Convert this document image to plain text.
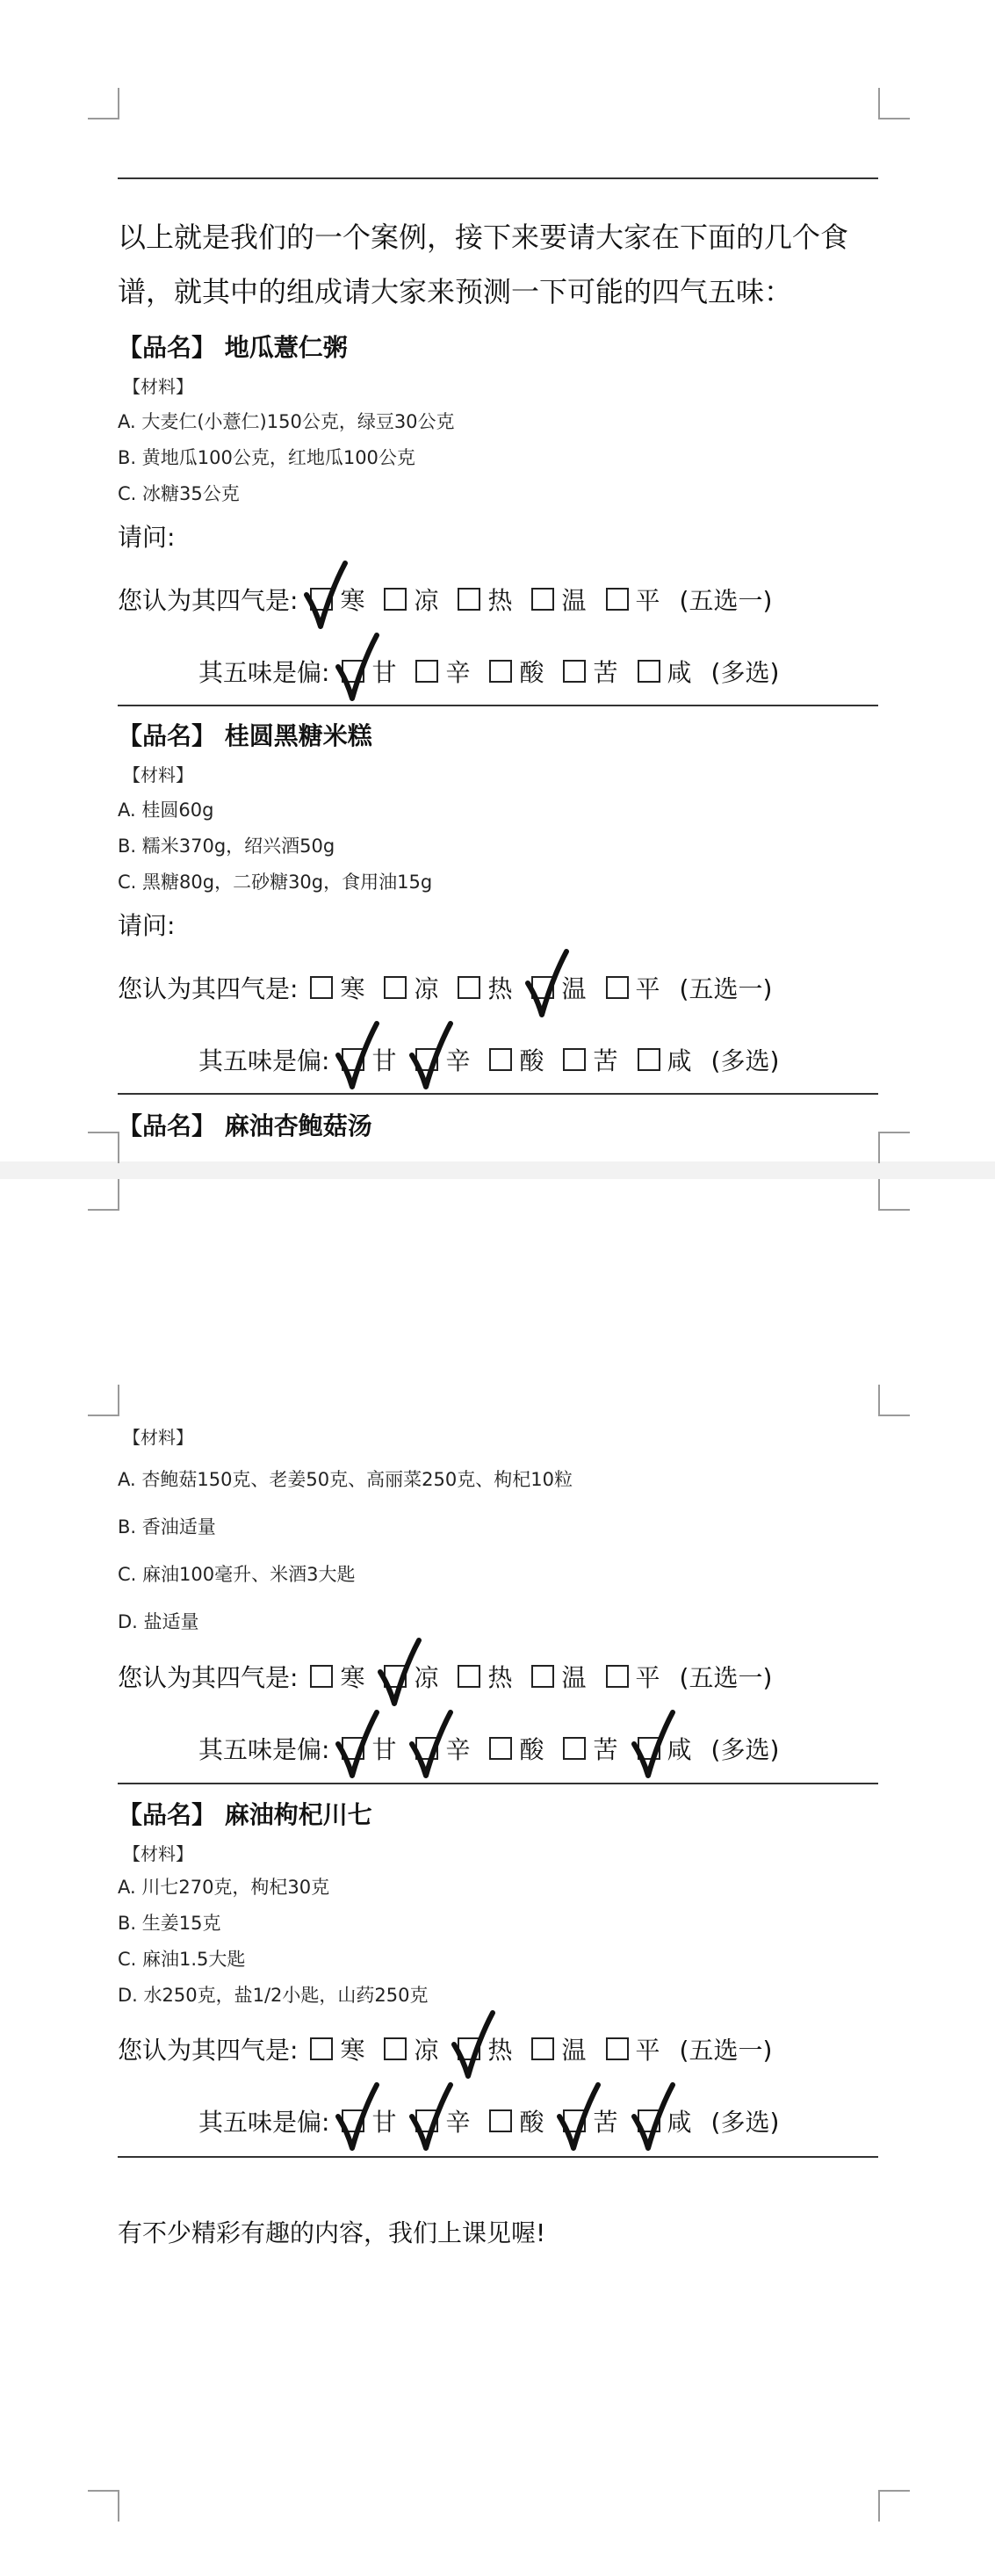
以上就是我们的一个案例，接下来要请大家在下面的几个食
谱，就其中的组成请大家来预测一下可能的四气五味：
【品名】 地瓜薏仁粥
【材料】
A. 大麦仁(小薏仁)150公克，绿豆30公克
B. 黄地瓜100公克，红地瓜100公克
C. 冰糖35公克
请问:
您认为其四气是: 寒 凉 热 温 平 (五选一)
其五味是偏: 甘 辛 酸 苦 咸 (多选)
【品名】 桂圆黑糖米糕
【材料】
A. 桂圆60g
B. 糯米370g，绍兴酒50g
C. 黑糖80g，二砂糖30g，食用油15g
请问:
您认为其四气是: 寒 凉 热 温 平 (五选一)
其五味是偏: 甘 辛 酸 苦 咸 (多选)
【品名】 麻油杏鲍菇汤
【材料】
A. 杏鲍菇150克、老姜50克、高丽菜250克、枸杞10粒
B. 香油适量
C. 麻油100毫升、米酒3大匙
D. 盐适量
您认为其四气是: 寒 凉 热 温 平 (五选一)
其五味是偏: 甘 辛 酸 苦 咸 (多选)
【品名】 麻油枸杞川七
【材料】
A. 川七270克，枸杞30克
B. 生姜15克
C. 麻油1.5大匙
D. 水250克，盐1/2小匙，山药250克
您认为其四气是: 寒 凉 热 温 平 (五选一)
其五味是偏: 甘 辛 酸 苦 咸 (多选)
有不少精彩有趣的内容，我们上课见喔!
